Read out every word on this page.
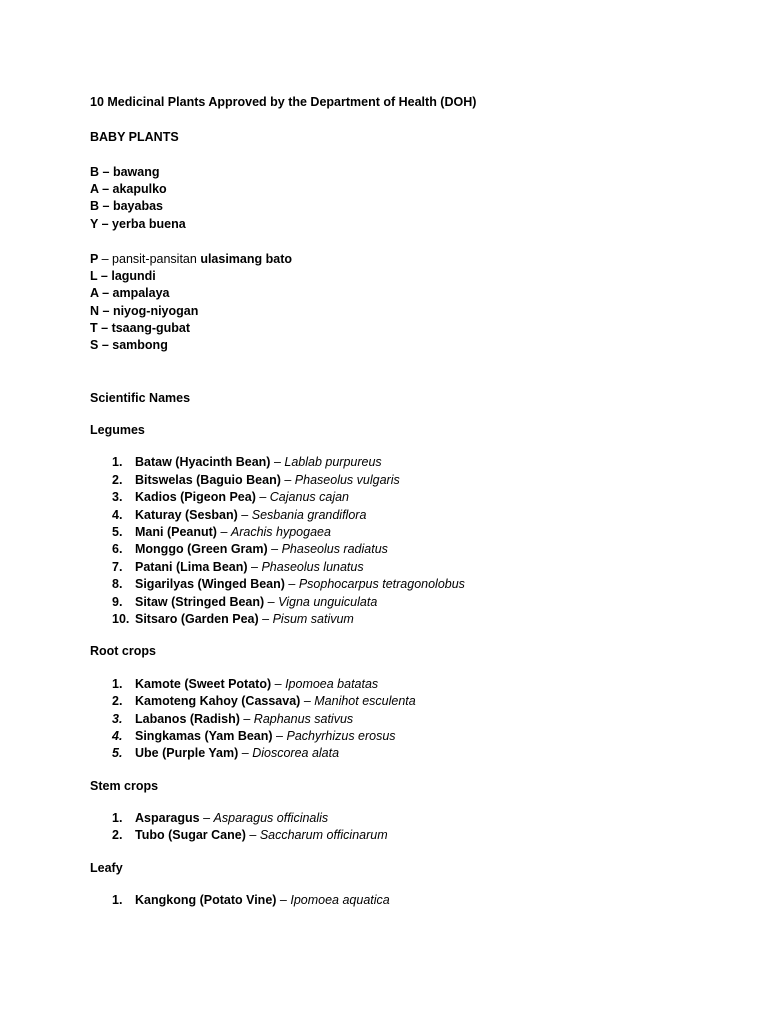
10 Medicinal Plants Approved by the Department of Health (DOH)
BABY PLANTS
B – bawang
A – akapulko
B – bayabas
Y – yerba buena
P – pansit-pansitan ulasimang bato
L – lagundi
A – ampalaya
N – niyog-niyogan
T – tsaang-gubat
S – sambong
Scientific Names
Legumes
1. Bataw (Hyacinth Bean) – Lablab purpureus
2. Bitswelas (Baguio Bean) – Phaseolus vulgaris
3. Kadios (Pigeon Pea) – Cajanus cajan
4. Katuray (Sesban) – Sesbania grandiflora
5. Mani (Peanut) – Arachis hypogaea
6. Monggo (Green Gram) – Phaseolus radiatus
7. Patani (Lima Bean) – Phaseolus lunatus
8. Sigarilyas (Winged Bean) – Psophocarpus tetragonolobus
9. Sitaw (Stringed Bean) – Vigna unguiculata
10. Sitsaro (Garden Pea) – Pisum sativum
Root crops
1. Kamote (Sweet Potato) – Ipomoea batatas
2. Kamoteng Kahoy (Cassava) – Manihot esculenta
3. Labanos (Radish) – Raphanus sativus
4. Singkamas (Yam Bean) – Pachyrhizus erosus
5. Ube (Purple Yam) – Dioscorea alata
Stem crops
1. Asparagus – Asparagus officinalis
2. Tubo (Sugar Cane) – Saccharum officinarum
Leafy
1. Kangkong (Potato Vine) – Ipomoea aquatica
